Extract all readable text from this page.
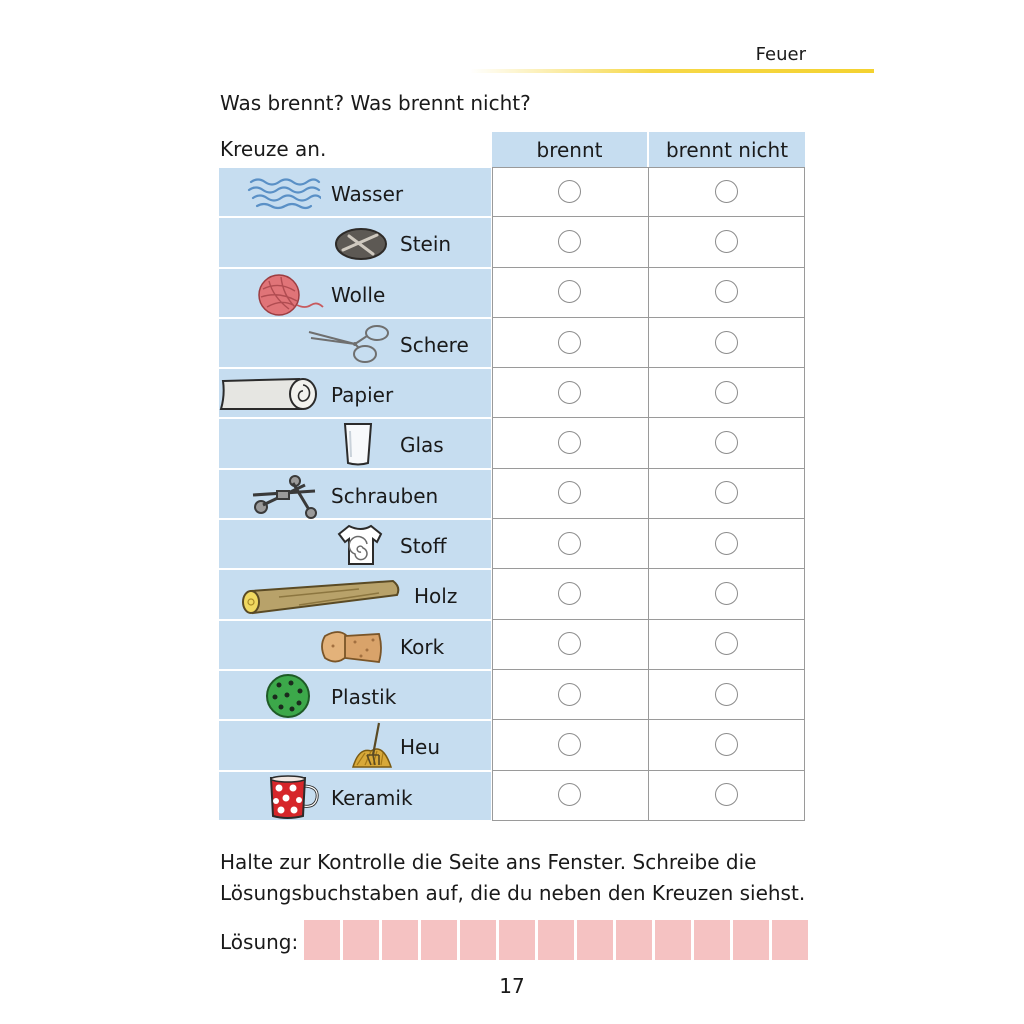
Feuer
Was brennt? Was brennt nicht?
Kreuze an.	brennt	brennt nicht
Wasser
Stein
Wolle
Schere
Papier
Glas
Schrauben
Stoff
Holz
Kork
Plastik
Heu
Keramik
Halte zur Kontrolle die Seite ans Fenster. Schreibe die
Lösungsbuchstaben auf, die du neben den Kreuzen siehst.
Lösung:
17
